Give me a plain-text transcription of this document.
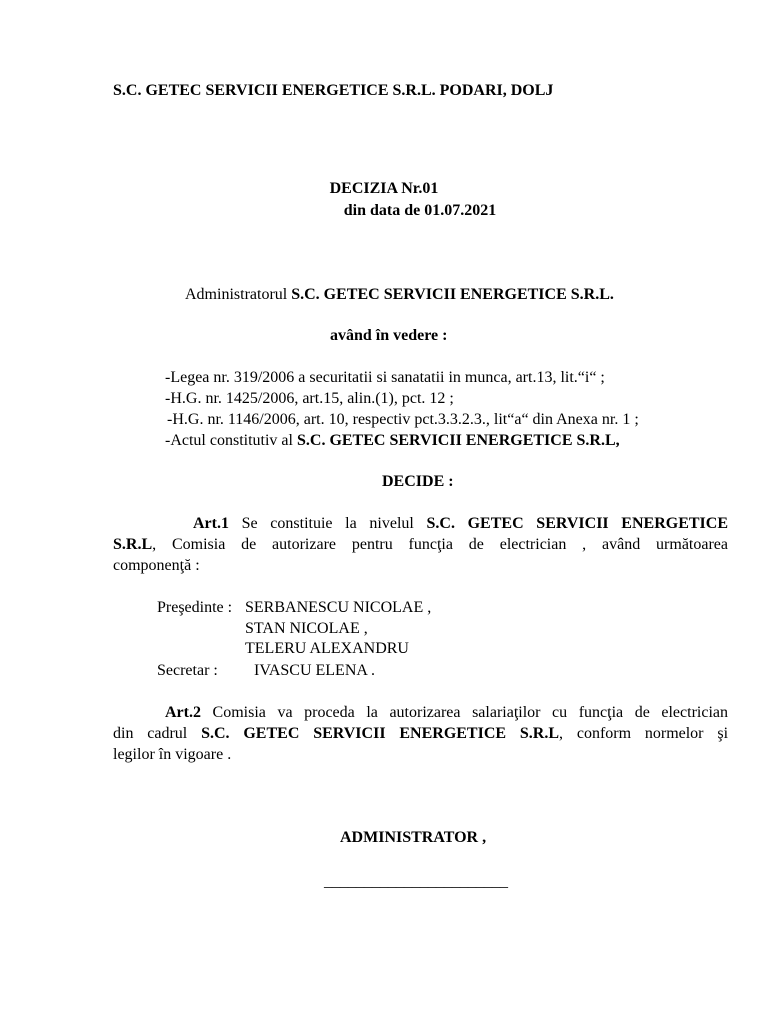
S.C. GETEC SERVICII ENERGETICE S.R.L. PODARI, DOLJ
DECIZIA Nr.01
din data de 01.07.2021
Administratorul S.C. GETEC SERVICII ENERGETICE S.R.L.
având în vedere :
-Legea nr. 319/2006 a securitatii si sanatatii in munca, art.13, lit.“i“ ;
-H.G. nr. 1425/2006, art.15, alin.(1), pct. 12 ;
-H.G. nr. 1146/2006, art. 10, respectiv pct.3.3.2.3., lit“a“ din Anexa nr. 1 ;
-Actul constitutiv al S.C. GETEC SERVICII ENERGETICE S.R.L,
DECIDE :
Art.1 Se constituie la nivelul S.C. GETEC SERVICII ENERGETICE
S.R.L, Comisia de autorizare pentru funcţia de electrician , având următoarea
componenţă :
Preşedinte : SERBANESCU NICOLAE ,
STAN NICOLAE ,
TELERU ALEXANDRU
Secretar : IVASCU ELENA .
Art.2 Comisia va proceda la autorizarea salariaţilor cu funcţia de electrician
din cadrul S.C. GETEC SERVICII ENERGETICE S.R.L, conform normelor şi
legilor în vigoare .
ADMINISTRATOR ,
_______________________
